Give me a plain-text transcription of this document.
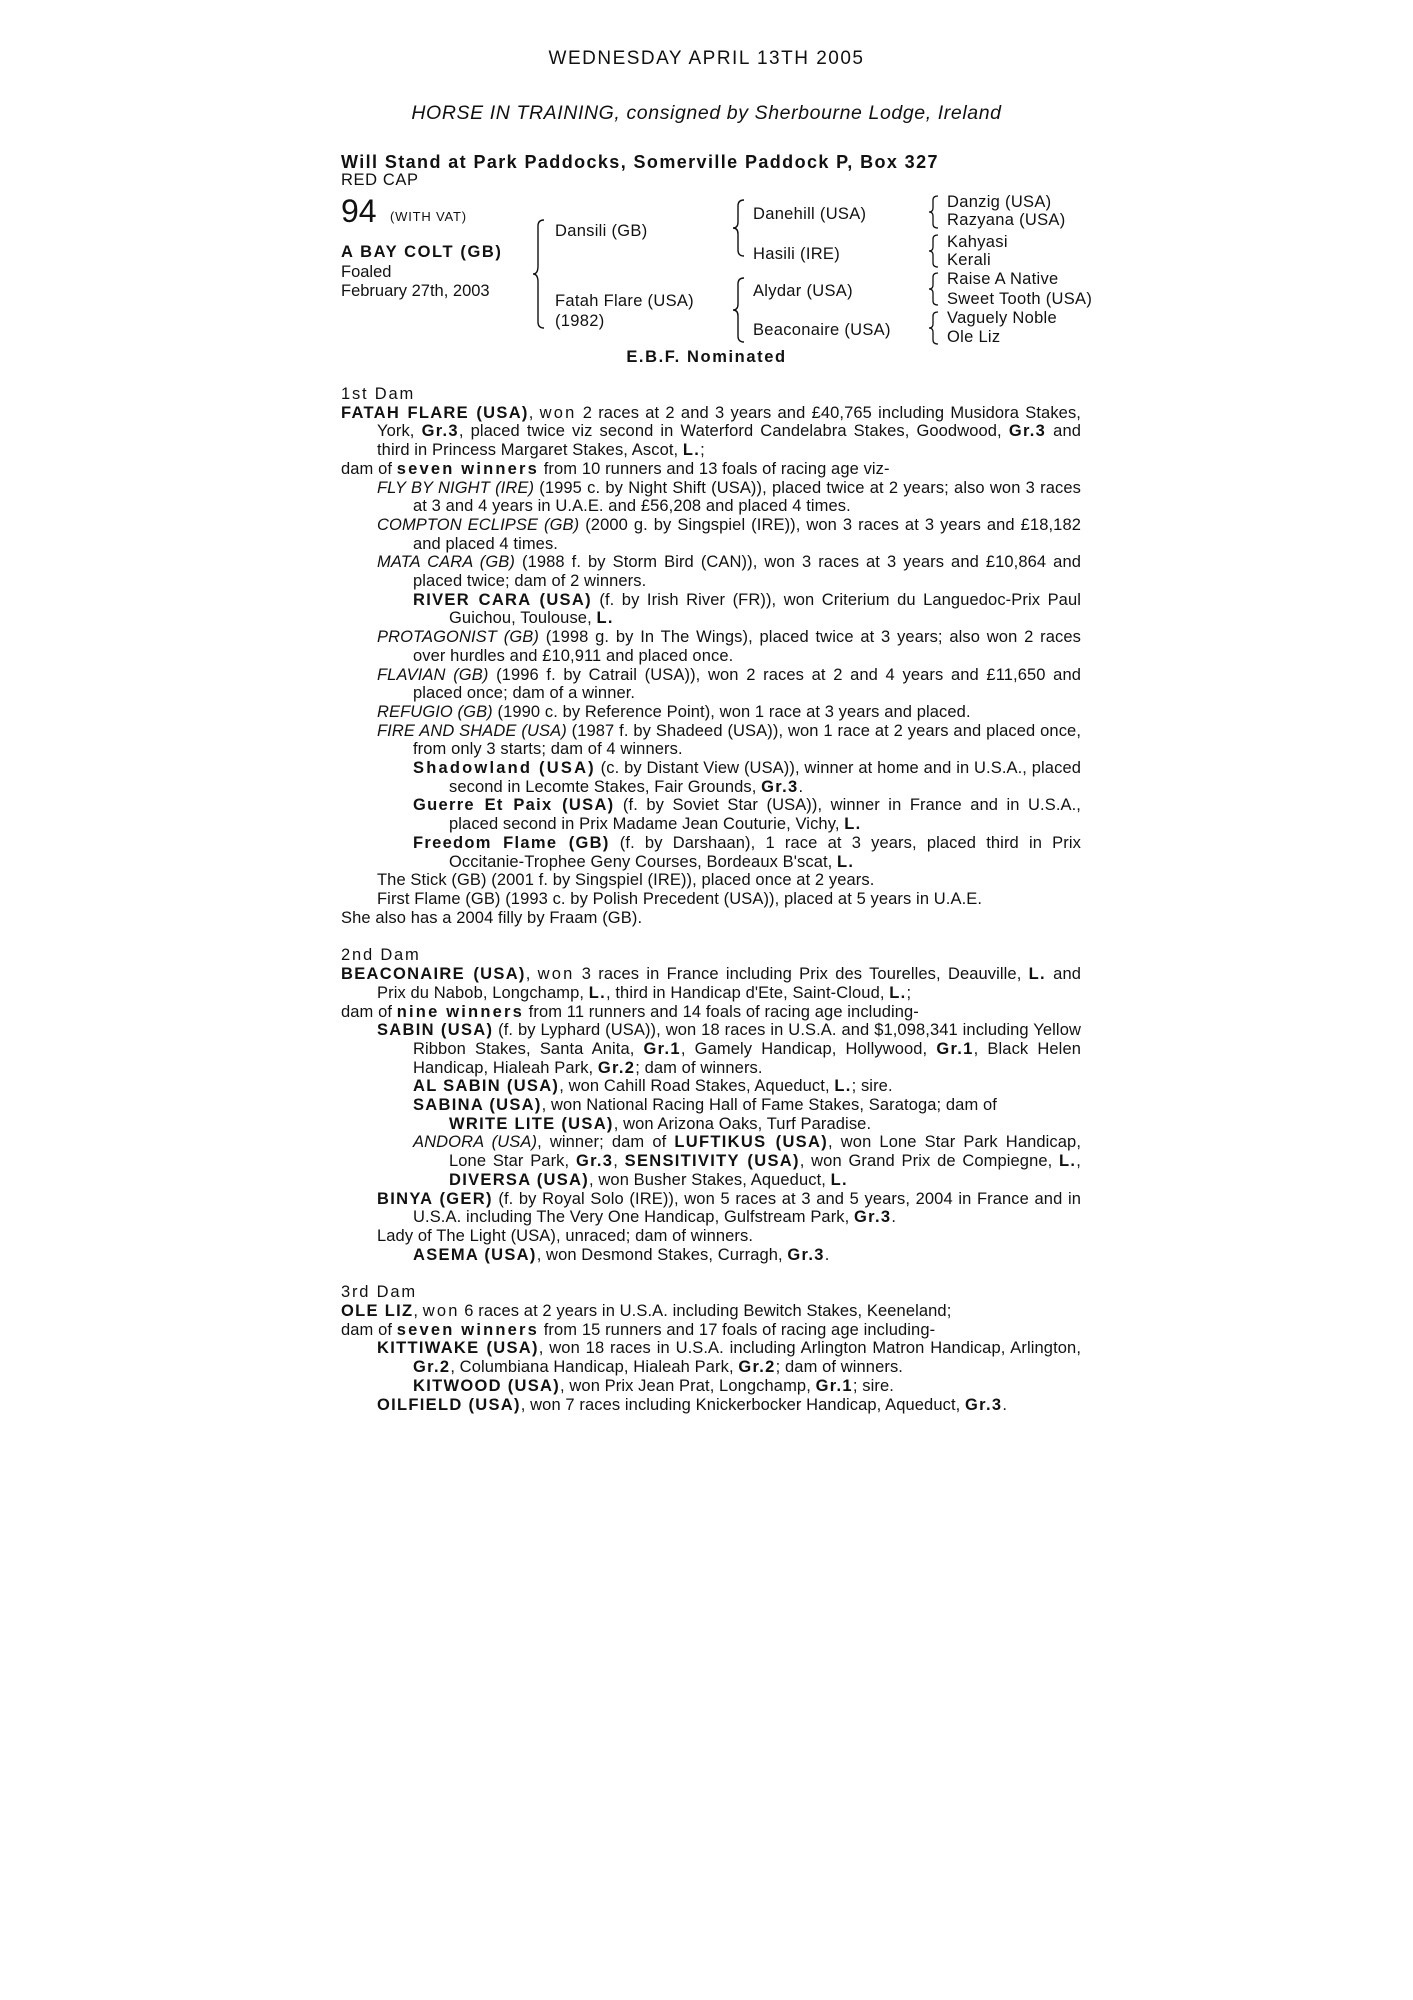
WEDNESDAY APRIL 13TH 2005
HORSE IN TRAINING, consigned by Sherbourne Lodge, Ireland
Will Stand at Park Paddocks, Somerville Paddock P, Box 327
RED CAP
94 (WITH VAT)
A BAY COLT (GB)
Foaled
February 27th, 2003
Dansili (GB)
Fatah Flare (USA)
(1982)
Danehill (USA)
Hasili (IRE)
Alydar (USA)
Beaconaire (USA)
Danzig (USA)
Razyana (USA)
Kahyasi
Kerali
Raise A Native
Sweet Tooth (USA)
Vaguely Noble
Ole Liz
E.B.F. Nominated

1st Dam

FATAH FLARE (USA), won 2 races at 2 and 3 years and £40,765 including Musidora Stakes, York, Gr.3, placed twice viz second in Waterford Candelabra Stakes, Goodwood, Gr.3 and third in Princess Margaret Stakes, Ascot, L.;

dam of seven winners from 10 runners and 13 foals of racing age viz-

FLY BY NIGHT (IRE) (1995 c. by Night Shift (USA)), placed twice at 2 years; also won 3 races at 3 and 4 years in U.A.E. and £56,208 and placed 4 times.

COMPTON ECLIPSE (GB) (2000 g. by Singspiel (IRE)), won 3 races at 3 years and £18,182 and placed 4 times.

MATA CARA (GB) (1988 f. by Storm Bird (CAN)), won 3 races at 3 years and £10,864 and placed twice; dam of 2 winners.

RIVER CARA (USA) (f. by Irish River (FR)), won Criterium du Languedoc-Prix Paul Guichou, Toulouse, L.

PROTAGONIST (GB) (1998 g. by In The Wings), placed twice at 3 years; also won 2 races over hurdles and £10,911 and placed once.

FLAVIAN (GB) (1996 f. by Catrail (USA)), won 2 races at 2 and 4 years and £11,650 and placed once; dam of a winner.

REFUGIO (GB) (1990 c. by Reference Point), won 1 race at 3 years and placed.

FIRE AND SHADE (USA) (1987 f. by Shadeed (USA)), won 1 race at 2 years and placed once, from only 3 starts; dam of 4 winners.

Shadowland (USA) (c. by Distant View (USA)), winner at home and in U.S.A., placed second in Lecomte Stakes, Fair Grounds, Gr.3.

Guerre Et Paix (USA) (f. by Soviet Star (USA)), winner in France and in U.S.A., placed second in Prix Madame Jean Couturie, Vichy, L.

Freedom Flame (GB) (f. by Darshaan), 1 race at 3 years, placed third in Prix Occitanie-Trophee Geny Courses, Bordeaux B'scat, L.

The Stick (GB) (2001 f. by Singspiel (IRE)), placed once at 2 years.

First Flame (GB) (1993 c. by Polish Precedent (USA)), placed at 5 years in U.A.E.

She also has a 2004 filly by Fraam (GB).

2nd Dam

BEACONAIRE (USA), won 3 races in France including Prix des Tourelles, Deauville, L. and Prix du Nabob, Longchamp, L., third in Handicap d'Ete, Saint-Cloud, L.;

dam of nine winners from 11 runners and 14 foals of racing age including-

SABIN (USA) (f. by Lyphard (USA)), won 18 races in U.S.A. and $1,098,341 including Yellow Ribbon Stakes, Santa Anita, Gr.1, Gamely Handicap, Hollywood, Gr.1, Black Helen Handicap, Hialeah Park, Gr.2; dam of winners.

AL SABIN (USA), won Cahill Road Stakes, Aqueduct, L.; sire.

SABINA (USA), won National Racing Hall of Fame Stakes, Saratoga; dam of

WRITE LITE (USA), won Arizona Oaks, Turf Paradise.

ANDORA (USA), winner; dam of LUFTIKUS (USA), won Lone Star Park Handicap, Lone Star Park, Gr.3, SENSITIVITY (USA), won Grand Prix de Compiegne, L., DIVERSA (USA), won Busher Stakes, Aqueduct, L.

BINYA (GER) (f. by Royal Solo (IRE)), won 5 races at 3 and 5 years, 2004 in France and in U.S.A. including The Very One Handicap, Gulfstream Park, Gr.3.

Lady of The Light (USA), unraced; dam of winners.

ASEMA (USA), won Desmond Stakes, Curragh, Gr.3.

3rd Dam

OLE LIZ, won 6 races at 2 years in U.S.A. including Bewitch Stakes, Keeneland;

dam of seven winners from 15 runners and 17 foals of racing age including-

KITTIWAKE (USA), won 18 races in U.S.A. including Arlington Matron Handicap, Arlington, Gr.2, Columbiana Handicap, Hialeah Park, Gr.2; dam of winners.

KITWOOD (USA), won Prix Jean Prat, Longchamp, Gr.1; sire.

OILFIELD (USA), won 7 races including Knickerbocker Handicap, Aqueduct, Gr.3.
